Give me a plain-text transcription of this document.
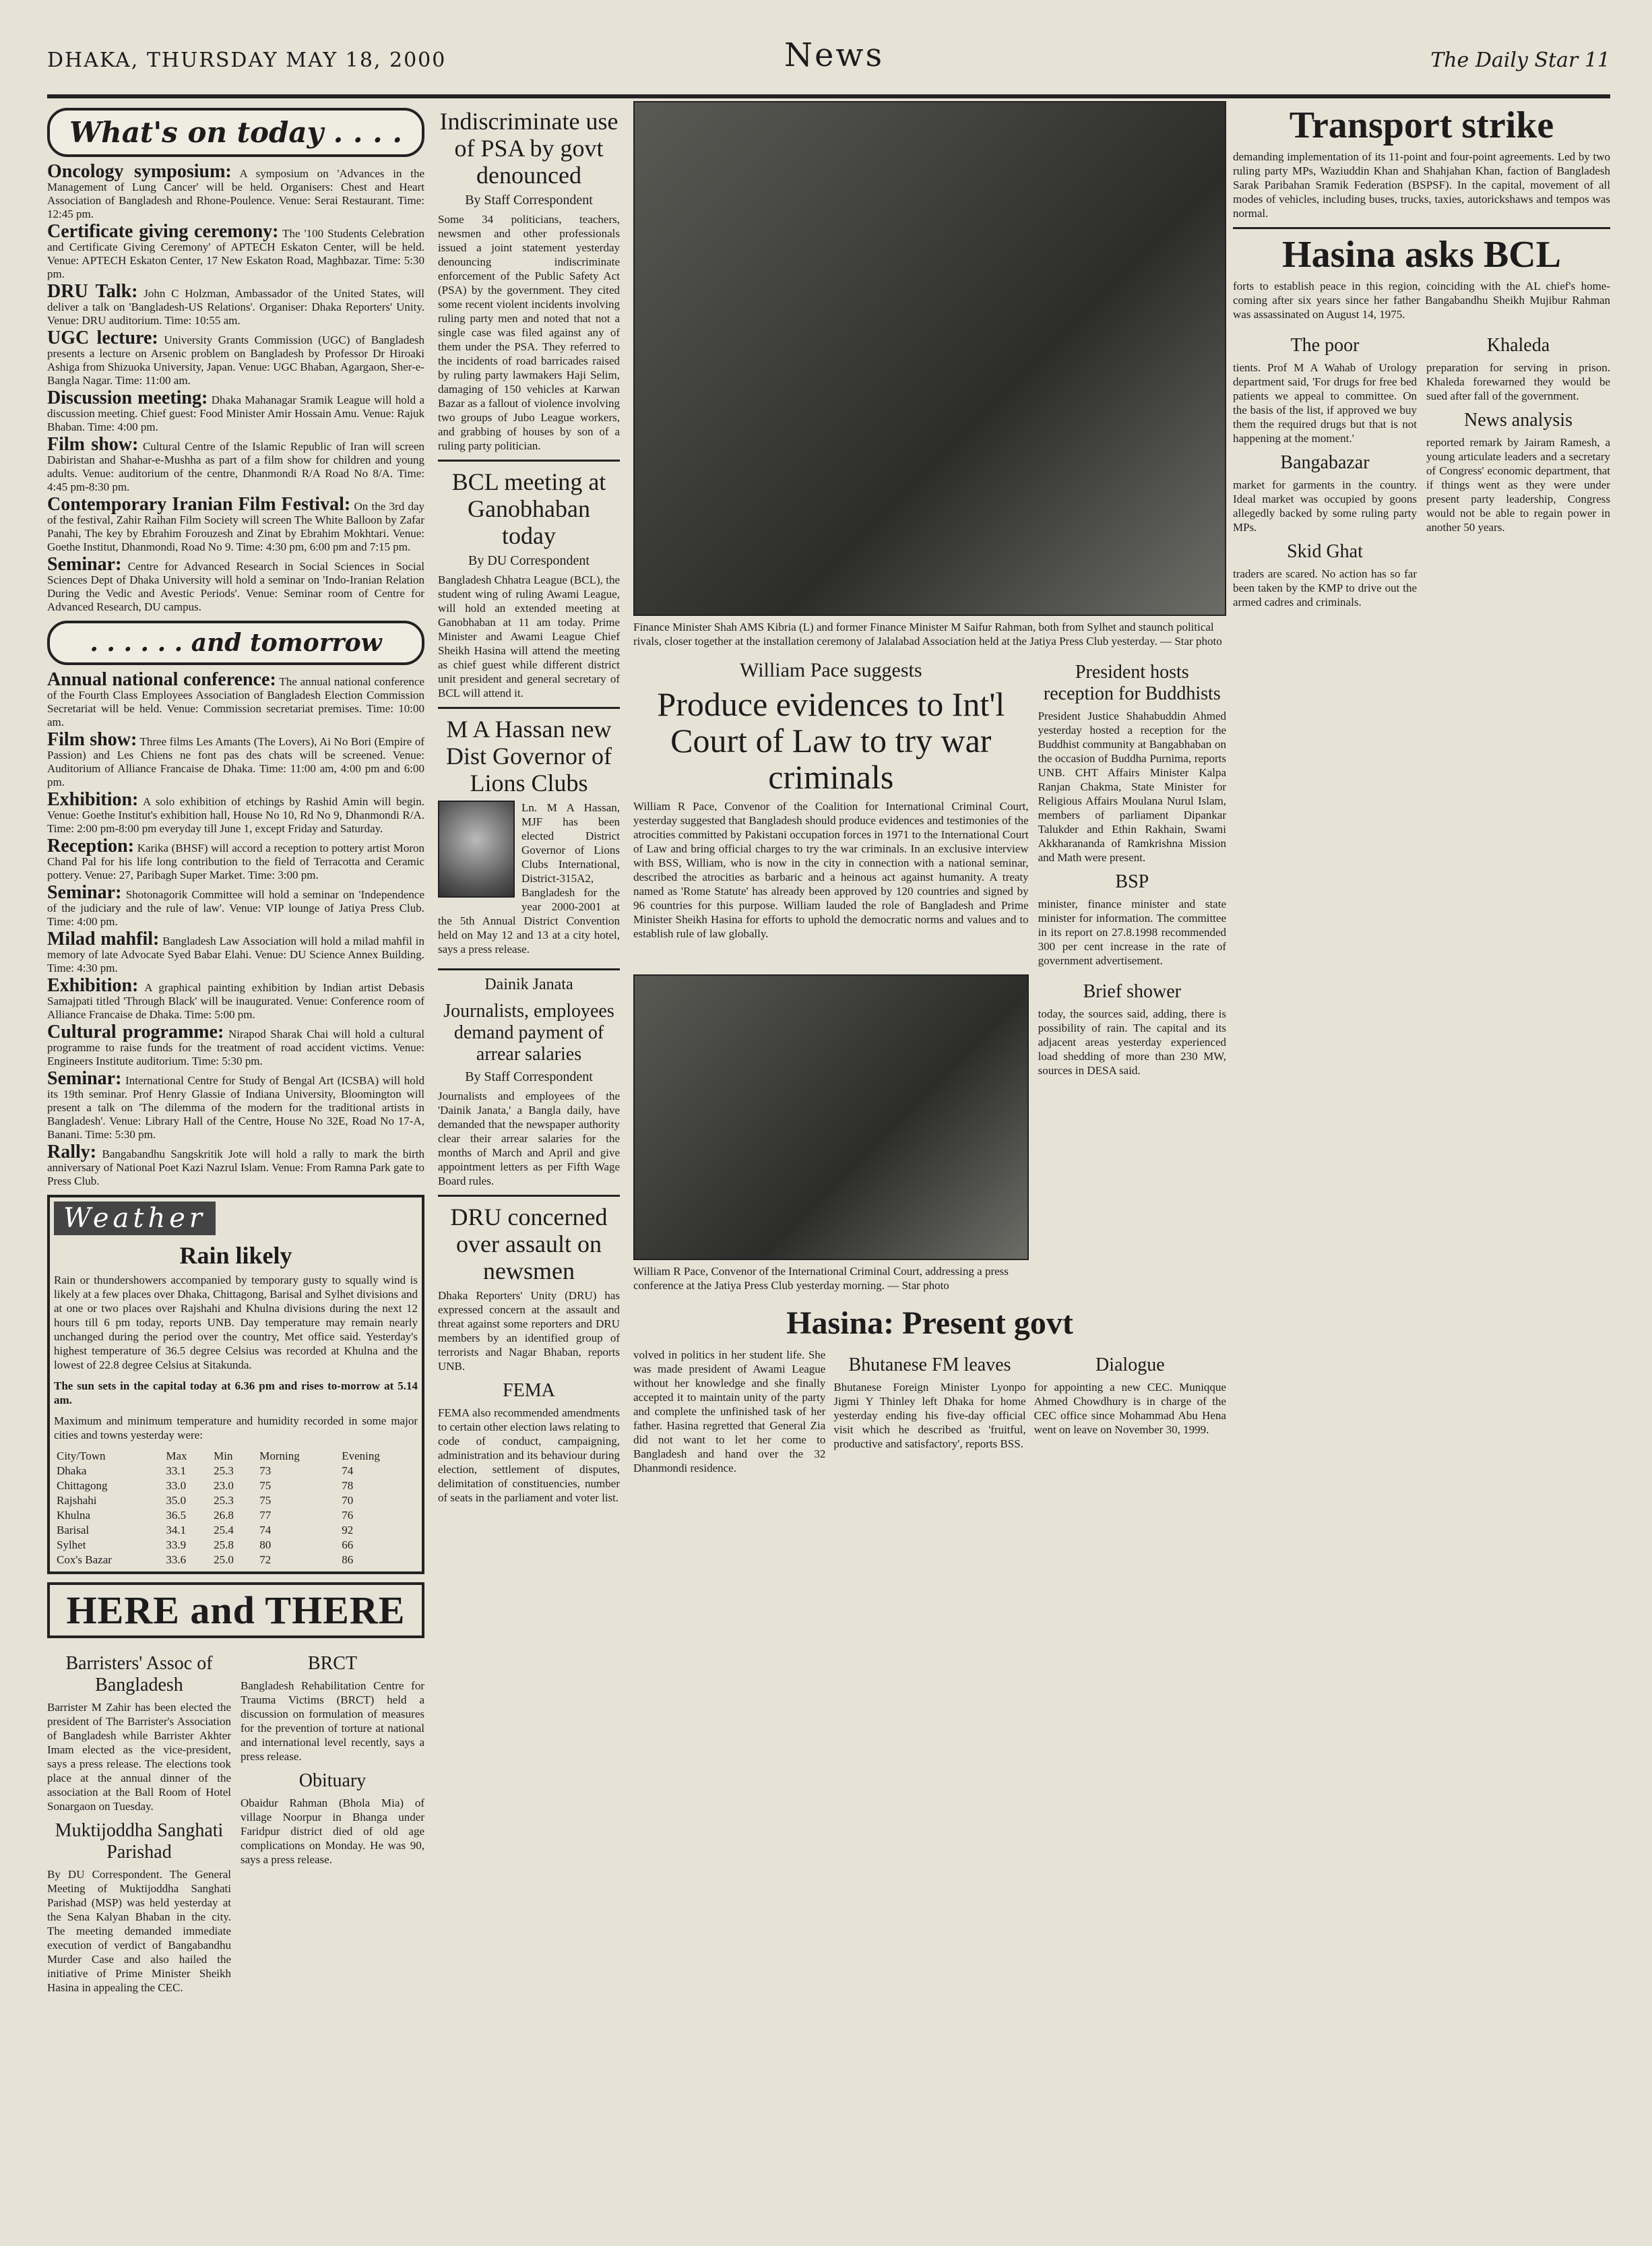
DHAKA, THURSDAY MAY 18, 2000	News	The Daily Star 11
What's on today . . . .

Oncology symposium: A symposium on 'Advances in the Management of Lung Cancer' will be held. Organisers: Chest and Heart Association of Bangladesh and Rhone-Poulence. Venue: Serai Restaurant. Time: 12:45 pm.

Certificate giving ceremony: The '100 Students Celebration and Certificate Giving Ceremony' of APTECH Eskaton Center, will be held. Venue: APTECH Eskaton Center, 17 New Eskaton Road, Maghbazar. Time: 5:30 pm.

DRU Talk: John C Holzman, Ambassador of the United States, will deliver a talk on 'Bangladesh-US Relations'. Organiser: Dhaka Reporters' Unity. Venue: DRU auditorium. Time: 10:55 am.

UGC lecture: University Grants Commission (UGC) of Bangladesh presents a lecture on Arsenic problem on Bangladesh by Professor Dr Hiroaki Ashiga from Shizuoka University, Japan. Venue: UGC Bhaban, Agargaon, Sher-e-Bangla Nagar. Time: 11:00 am.

Discussion meeting: Dhaka Mahanagar Sramik League will hold a discussion meeting. Chief guest: Food Minister Amir Hossain Amu. Venue: Rajuk Bhaban. Time: 4:00 pm.

Film show: Cultural Centre of the Islamic Republic of Iran will screen Dabiristan and Shahar-e-Mushha as part of a film show for children and young adults. Venue: auditorium of the centre, Dhanmondi R/A Road No 8/A. Time: 4:45 pm-8:30 pm.

Contemporary Iranian Film Festival: On the 3rd day of the festival, Zahir Raihan Film Society will screen The White Balloon by Zafar Panahi, The key by Ebrahim Forouzesh and Zinat by Ebrahim Mokhtari. Venue: Goethe Institut, Dhanmondi, Road No 9. Time: 4:30 pm, 6:00 pm and 7:15 pm.

Seminar: Centre for Advanced Research in Social Sciences in Social Sciences Dept of Dhaka University will hold a seminar on 'Indo-Iranian Relation During the Vedic and Avestic Periods'. Venue: Seminar room of Centre for Advanced Research, DU campus.

. . . . . . and tomorrow

Annual national conference: The annual national conference of the Fourth Class Employees Association of Bangladesh Election Commission Secretariat will be held. Venue: Commission secretariat premises. Time: 10:00 am.

Film show: Three films Les Amants (The Lovers), Ai No Bori (Empire of Passion) and Les Chiens ne font pas des chats will be screened. Venue: Auditorium of Alliance Francaise de Dhaka. Time: 11:00 am, 4:00 pm and 6:00 pm.

Exhibition: A solo exhibition of etchings by Rashid Amin will begin. Venue: Goethe Institut's exhibition hall, House No 10, Rd No 9, Dhanmondi R/A. Time: 2:00 pm-8:00 pm everyday till June 1, except Friday and Saturday.

Reception: Karika (BHSF) will accord a reception to pottery artist Moron Chand Pal for his life long contribution to the field of Terracotta and Ceramic pottery. Venue: 27, Paribagh Super Market. Time: 3:00 pm.

Seminar: Shotonagorik Committee will hold a seminar on 'Independence of the judiciary and the rule of law'. Venue: VIP lounge of Jatiya Press Club. Time: 4:00 pm.

Milad mahfil: Bangladesh Law Association will hold a milad mahfil in memory of late Advocate Syed Babar Elahi. Venue: DU Science Annex Building. Time: 4:30 pm.

Exhibition: A graphical painting exhibition by Indian artist Debasis Samajpati titled 'Through Black' will be inaugurated. Venue: Conference room of Alliance Francaise de Dhaka. Time: 5:00 pm.

Cultural programme: Nirapod Sharak Chai will hold a cultural programme to raise funds for the treatment of road accident victims. Venue: Engineers Institute auditorium. Time: 5:30 pm.

Seminar: International Centre for Study of Bengal Art (ICSBA) will hold its 19th seminar. Prof Henry Glassie of Indiana University, Bloomington will present a talk on 'The dilemma of the modern for the traditional artists in Bangladesh'. Venue: Library Hall of the Centre, House No 32E, Road No 17-A, Banani. Time: 5:30 pm.

Rally: Bangabandhu Sangskritik Jote will hold a rally to mark the birth anniversary of National Poet Kazi Nazrul Islam. Venue: From Ramna Park gate to Press Club.

Weather
Rain likely

Rain or thundershowers accompanied by temporary gusty to squally wind is likely at a few places over Dhaka, Chittagong, Barisal and Sylhet divisions and at one or two places over Rajshahi and Khulna divisions during the next 12 hours till 6 pm today, reports UNB. Day temperature may remain nearly unchanged during the period over the country, Met office said. Yesterday's highest temperature of 36.5 degree Celsius was recorded at Khulna and the lowest of 22.8 degree Celsius at Sitakunda.

The sun sets in the capital today at 6.36 pm and rises to-morrow at 5.14 am.

Maximum and minimum temperature and humidity recorded in some major cities and towns yesterday were:

City/Town	Max	Min	Morning	Evening
Dhaka	33.1	25.3	73	74
Chittagong	33.0	23.0	75	78
Rajshahi	35.0	25.3	75	70
Khulna	36.5	26.8	77	76
Barisal	34.1	25.4	74	92
Sylhet	33.9	25.8	80	66
Cox's Bazar	33.6	25.0	72	86
HERE and THERE
Barristers' Assoc of Bangladesh

Barrister M Zahir has been elected the president of The Barrister's Association of Bangladesh while Barrister Akhter Imam elected as the vice-president, says a press release. The elections took place at the annual dinner of the association at the Ball Room of Hotel Sonargaon on Tuesday.

Muktijoddha Sanghati Parishad

By DU Correspondent. The General Meeting of Muktijoddha Sanghati Parishad (MSP) was held yesterday at the Sena Kalyan Bhaban in the city. The meeting demanded immediate execution of verdict of Bangabandhu Murder Case and also hailed the initiative of Prime Minister Sheikh Hasina in appealing the CEC.

BRCT

Bangladesh Rehabilitation Centre for Trauma Victims (BRCT) held a discussion on formulation of measures for the prevention of torture at national and international level recently, says a press release.

Obituary

Obaidur Rahman (Bhola Mia) of village Noorpur in Bhanga under Faridpur district died of old age complications on Monday. He was 90, says a press release.

Indiscriminate use of PSA by govt denounced
By Staff Correspondent

Some 34 politicians, teachers, newsmen and other professionals issued a joint statement yesterday denouncing indiscriminate enforcement of the Public Safety Act (PSA) by the government. They cited some recent violent incidents involving ruling party men and noted that not a single case was filed against any of them under the PSA. They referred to the incidents of road barricades raised by ruling party lawmakers Haji Selim, damaging of 150 vehicles at Karwan Bazar as a fallout of violence involving two groups of Jubo League workers, and grabbing of houses by son of a ruling party politician.

BCL meeting at Ganobhaban today
By DU Correspondent

Bangladesh Chhatra League (BCL), the student wing of ruling Awami League, will hold an extended meeting at Ganobhaban at 11 am today. Prime Minister and Awami League Chief Sheikh Hasina will attend the meeting as chief guest while different district unit president and general secretary of BCL will attend it.

M A Hassan new Dist Governor of Lions Clubs

Ln. M A Hassan, MJF has been elected District Governor of Lions Clubs International, District-315A2, Bangladesh for the year 2000-2001 at the 5th Annual District Convention held on May 12 and 13 at a city hotel, says a press release.

Dainik Janata
Journalists, employees demand payment of arrear salaries
By Staff Correspondent

Journalists and employees of the 'Dainik Janata,' a Bangla daily, have demanded that the newspaper authority clear their arrear salaries for the months of March and April and give appointment letters as per Fifth Wage Board rules.

DRU concerned over assault on newsmen

Dhaka Reporters' Unity (DRU) has expressed concern at the assault and threat against some reporters and DRU members by an identified group of terrorists and Nagar Bhaban, reports UNB.

FEMA

FEMA also recommended amendments to certain other election laws relating to code of conduct, campaigning, administration and its behaviour during election, settlement of disputes, delimitation of constituencies, number of seats in the parliament and voter list.

Finance Minister Shah AMS Kibria (L) and former Finance Minister M Saifur Rahman, both from Sylhet and staunch political rivals, closer together at the installation ceremony of Jalalabad Association held at the Jatiya Press Club yesterday. — Star photo

William Pace suggests
Produce evidences to Int'l Court of Law to try war criminals

William R Pace, Convenor of the Coalition for International Criminal Court, yesterday suggested that Bangladesh should produce evidences and testimonies of the atrocities committed by Pakistani occupation forces in 1971 to the International Court of Law and bring official charges to try the war criminals. In an exclusive interview with BSS, William, who is now in the city in connection with a national seminar, described the atrocities as barbaric and a heinous act against humanity. A treaty named as 'Rome Statute' has already been approved by 120 countries and signed by 96 countries for this purpose. William lauded the role of Bangladesh and Prime Minister Sheikh Hasina for efforts to uphold the democratic norms and values and to establish rule of law globally.

President hosts reception for Buddhists

President Justice Shahabuddin Ahmed yesterday hosted a reception for the Buddhist community at Bangabhaban on the occasion of Buddha Purnima, reports UNB. CHT Affairs Minister Kalpa Ranjan Chakma, State Minister for Religious Affairs Moulana Nurul Islam, members of parliament Dipankar Talukder and Ethin Rakhain, Swami Akkharananda of Ramkrishna Mission and Math were present.

BSP

minister, finance minister and state minister for information. The committee in its report on 27.8.1998 recommended 300 per cent increase in the rate of government advertisement.

William R Pace, Convenor of the International Criminal Court, addressing a press conference at the Jatiya Press Club yesterday morning. — Star photo

Brief shower

today, the sources said, adding, there is possibility of rain. The capital and its adjacent areas yesterday experienced load shedding of more than 230 MW, sources in DESA said.

Hasina: Present govt

volved in politics in her student life. She was made president of Awami League without her knowledge and she finally accepted it to maintain unity of the party and complete the unfinished task of her father. Hasina regretted that General Zia did not want to let her come to Bangladesh and hand over the 32 Dhanmondi residence.

Bhutanese FM leaves

Bhutanese Foreign Minister Lyonpo Jigmi Y Thinley left Dhaka for home yesterday ending his five-day official visit which he described as 'fruitful, productive and satisfactory', reports BSS.

Dialogue

for appointing a new CEC. Muniqque Ahmed Chowdhury is in charge of the CEC office since Mohammad Abu Hena went on leave on November 30, 1999.

Transport strike

demanding implementation of its 11-point and four-point agreements. Led by two ruling party MPs, Waziuddin Khan and Shahjahan Khan, faction of Bangladesh Sarak Paribahan Sramik Federation (BSPSF). In the capital, movement of all modes of vehicles, including buses, trucks, taxies, autorickshaws and tempos was normal.

Hasina asks BCL

forts to establish peace in this region, coinciding with the AL chief's home-coming after six years since her father Bangabandhu Sheikh Mujibur Rahman was assassinated on August 14, 1975.

The poor

tients. Prof M A Wahab of Urology department said, 'For drugs for free bed patients we appeal to committee. On the basis of the list, if approved we buy them the required drugs but that is not happening at the moment.'

Bangabazar

market for garments in the country. Ideal market was occupied by goons allegedly backed by some ruling party MPs.

Skid Ghat

traders are scared. No action has so far been taken by the KMP to drive out the armed cadres and criminals.

Khaleda

preparation for serving in prison. Khaleda forewarned they would be sued after fall of the government.

News analysis

reported remark by Jairam Ramesh, a young articulate leaders and a secretary of Congress' economic department, that if things went as they were under present party leadership, Congress would not be able to regain power in another 50 years.
